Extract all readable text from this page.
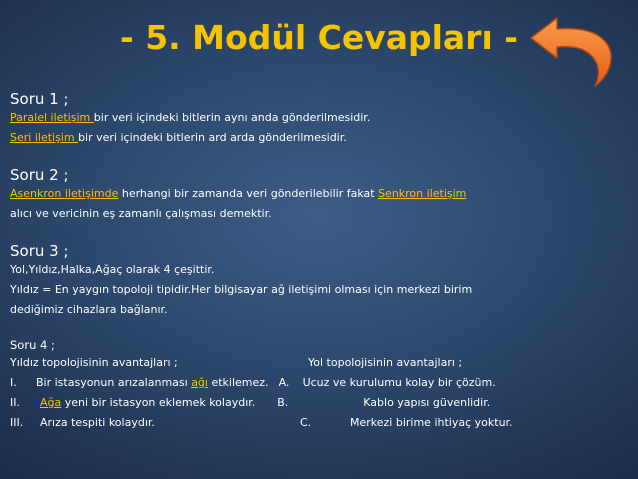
- 5. Modül Cevapları -

Soru 1 ;

Paralel iletişim bir veri içindeki bitlerin aynı anda gönderilmesidir.

Seri iletişim bir veri içindeki bitlerin ard arda gönderilmesidir.

Soru 2 ;

Asenkron iletişimde herhangi bir zamanda veri gönderilebilir fakat Senkron iletişim

alıcı ve vericinin eş zamanlı çalışması demektir.

Soru 3 ;

Yol,Yıldız,Halka,Ağaç olarak 4 çeşittir.

Yıldız = En yaygın topoloji tipidir.Her bilgisayar ağ iletişimi olması için merkezi birim

dediğimiz cihazlara bağlanır.

Soru 4 ;

Yıldız topolojisinin avantajları ;	Yol topolojisinin avantajları ;

I. Bir istasyonun arızalanması ağı etkilemez. A. Ucuz ve kurulumu kolay bir çözüm.

II. Ağa yeni bir istasyon eklemek kolaydır. B.	Kablo yapısı güvenlidir.

III. Arıza tespiti kolaydır.	C.	Merkezi birime ihtiyaç yoktur.
